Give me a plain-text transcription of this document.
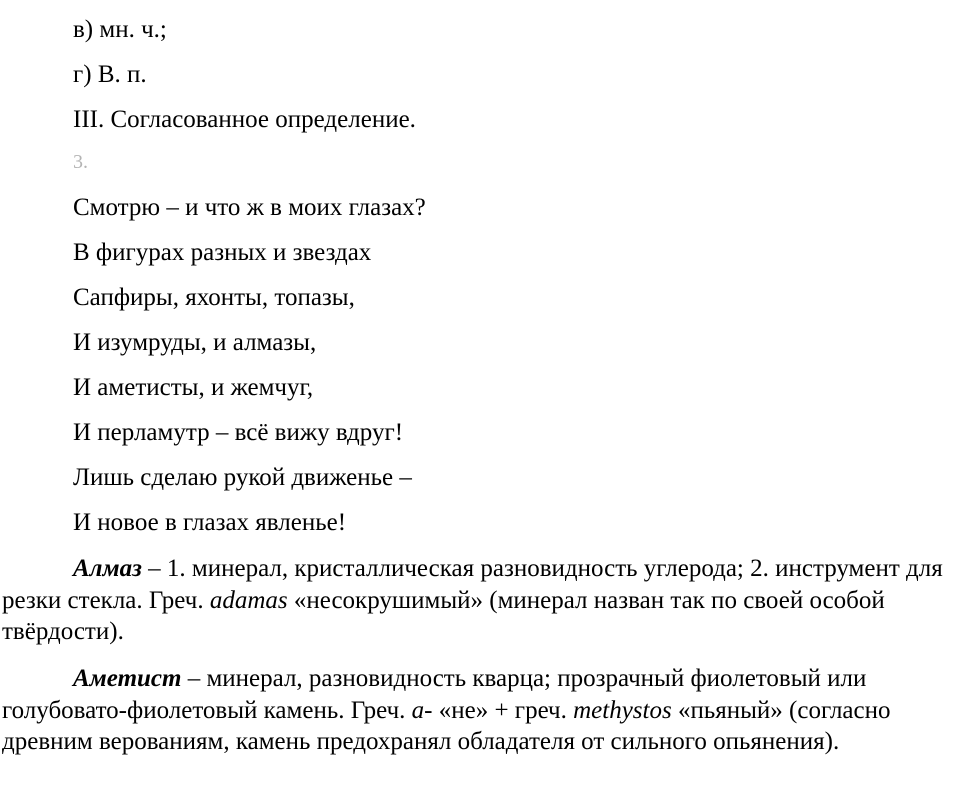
в) мн. ч.;
г) В. п.
III. Согласованное определение.
3.
Смотрю – и что ж в моих глазах?
В фигурах разных и звездах
Сапфиры, яхонты, топазы,
И изумруды, и алмазы,
И аметисты, и жемчуг,
И перламутр – всё вижу вдруг!
Лишь сделаю рукой движенье –
И новое в глазах явленье!
Алмаз – 1. минерал, кристаллическая разновидность углерода; 2. инструмент для резки стекла. Греч. adamas «несокрушимый» (минерал назван так по своей особой твёрдости).
Аметист – минерал, разновидность кварца; прозрачный фиолетовый или голубовато-фиолетовый камень. Греч. a- «не» + греч. methystos «пьяный» (согласно древним верованиям, камень предохранял обладателя от сильного опьянения).
